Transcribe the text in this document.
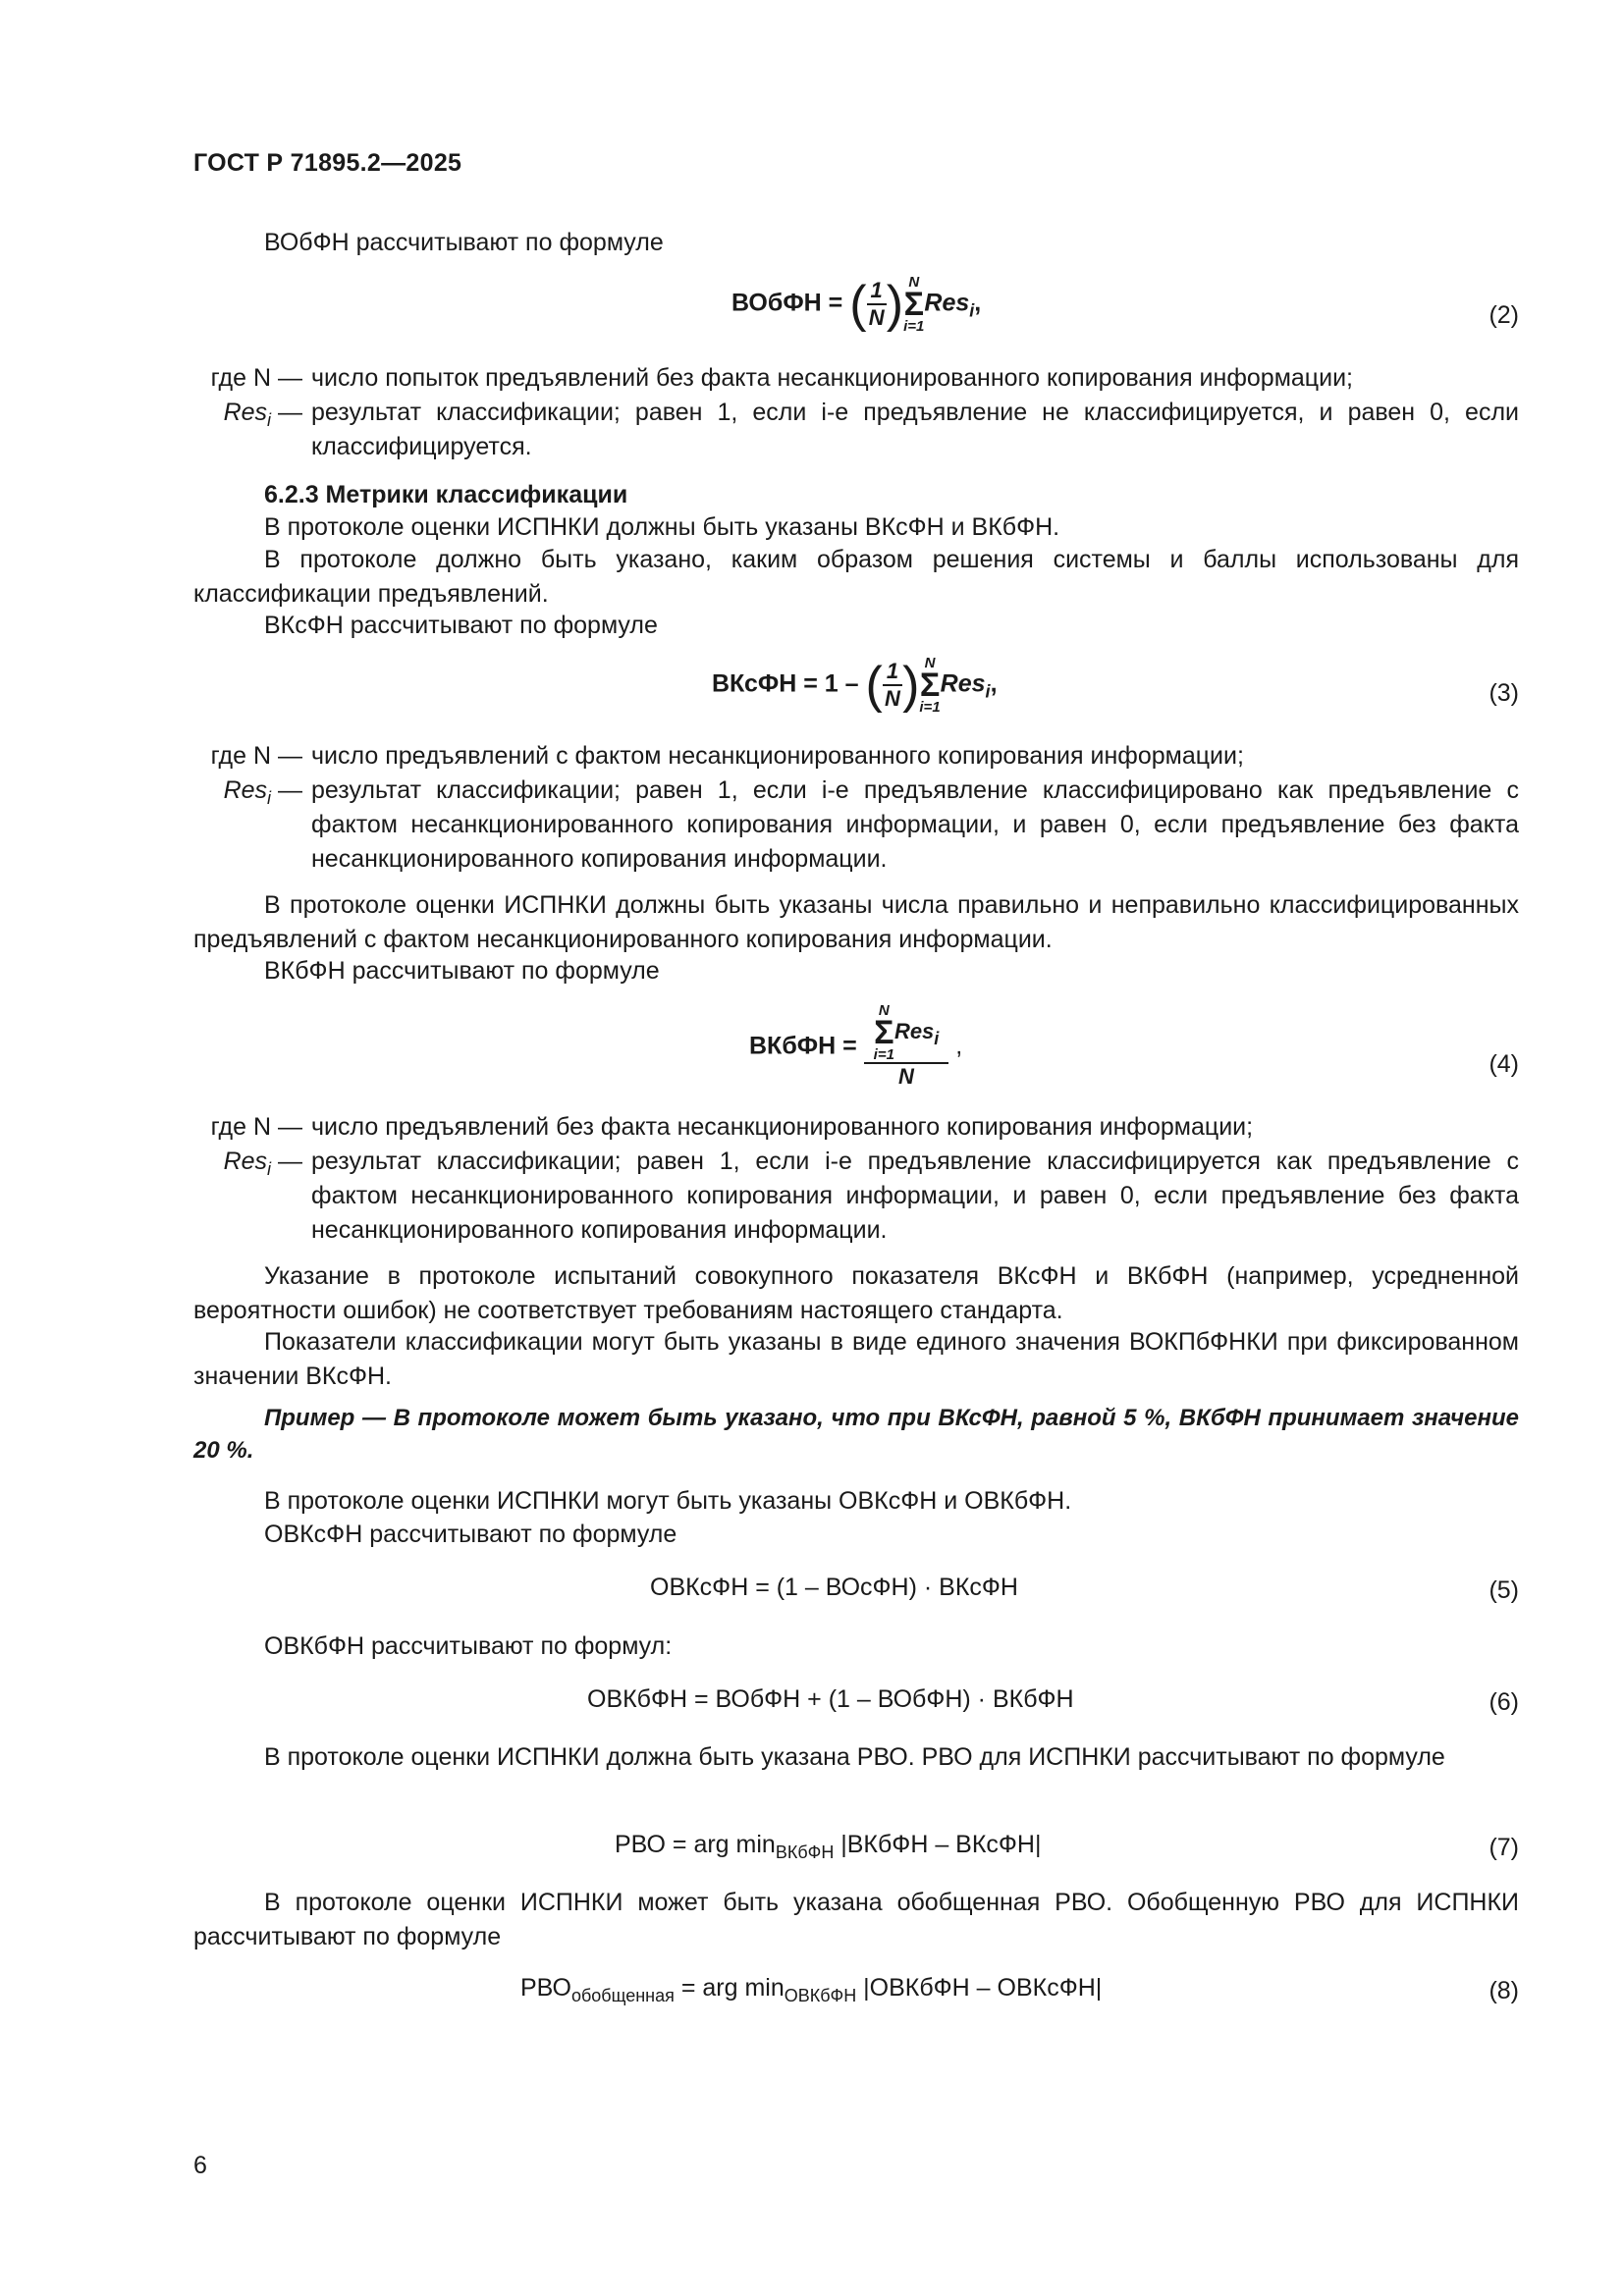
ГОСТ Р 71895.2—2025
ВОбФН рассчитывают по формуле
ВОбФН = ( $\frac{1}{N}$ ) N
Σ
i=1
Res$_i$,	(2)
где N — число попыток предъявлений без факта несанкционированного копирования информации;
Res$_i$ — результат классификации; равен 1, если i-е предъявление не классифицируется, и равен 0, если классифицируется.
6.2.3 Метрики классификации
В протоколе оценки ИСПНКИ должны быть указаны ВКсФН и ВКбФН.
В протоколе должно быть указано, каким образом решения системы и баллы использованы для классификации предъявлений.
ВКсФН рассчитывают по формуле
ВКсФН = 1 – ( $\frac{1}{N}$ ) N
Σ
i=1
Res$_i$,	(3)
где N — число предъявлений с фактом несанкционированного копирования информации;
Res$_i$ — результат классификации; равен 1, если i-е предъявление классифицировано как предъявление с фактом несанкционированного копирования информации, и равен 0, если предъявление без факта несанкционированного копирования информации.
В протоколе оценки ИСПНКИ должны быть указаны числа правильно и неправильно классифицированных предъявлений с фактом несанкционированного копирования информации.
ВКбФН рассчитывают по формуле
ВКбФН = N
Σ
i=1
Res$_i$
N ,
(4)
где N — число предъявлений без факта несанкционированного копирования информации;
Res$_i$ — результат классификации; равен 1, если i-е предъявление классифицируется как предъявление с фактом несанкционированного копирования информации, и равен 0, если предъявление без факта несанкционированного копирования информации.
Указание в протоколе испытаний совокупного показателя ВКсФН и ВКбФН (например, усредненной вероятности ошибок) не соответствует требованиям настоящего стандарта.
Показатели классификации могут быть указаны в виде единого значения ВОКПбФНКИ при фиксированном значении ВКсФН.
Пример — В протоколе может быть указано, что при ВКсФН, равной 5 %, ВКбФН принимает значение 20 %.
В протоколе оценки ИСПНКИ могут быть указаны ОВКсФН и ОВКбФН.
ОВКсФН рассчитывают по формуле
ОВКсФН = (1 – ВОсФН) · ВКсФН	(5)
ОВКбФН рассчитывают по формул:
ОВКбФН = ВОбФН + (1 – ВОбФН) · ВКбФН	(6)
В протоколе оценки ИСПНКИ должна быть указана РВО. РВО для ИСПНКИ рассчитывают по формуле
РВО = arg $\min_{ВКбФН}$ |ВКбФН – ВКсФН|	(7)
В протоколе оценки ИСПНКИ может быть указана обобщенная РВО. Обобщенную РВО для ИСПНКИ рассчитывают по формуле
$РВО_{обобщенная}$ = arg $\min_{ОВКбФН}$ |ОВКбФН – ОВКсФН|	(8)
6
